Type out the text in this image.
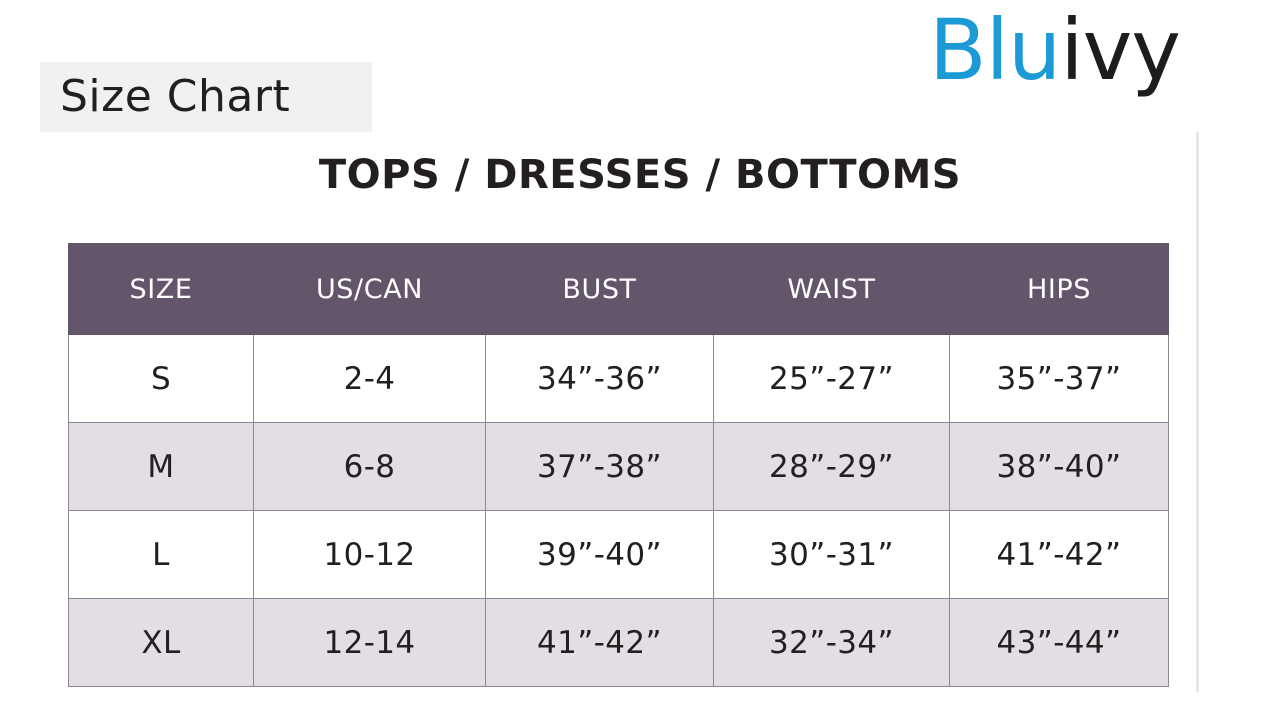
Bluivy
Size Chart
TOPS / DRESSES / BOTTOMS
SIZE	US/CAN	BUST	WAIST	HIPS
S	2-4	34”-36”	25”-27”	35”-37”
M	6-8	37”-38”	28”-29”	38”-40”
L	10-12	39”-40”	30”-31”	41”-42”
XL	12-14	41”-42”	32”-34”	43”-44”
